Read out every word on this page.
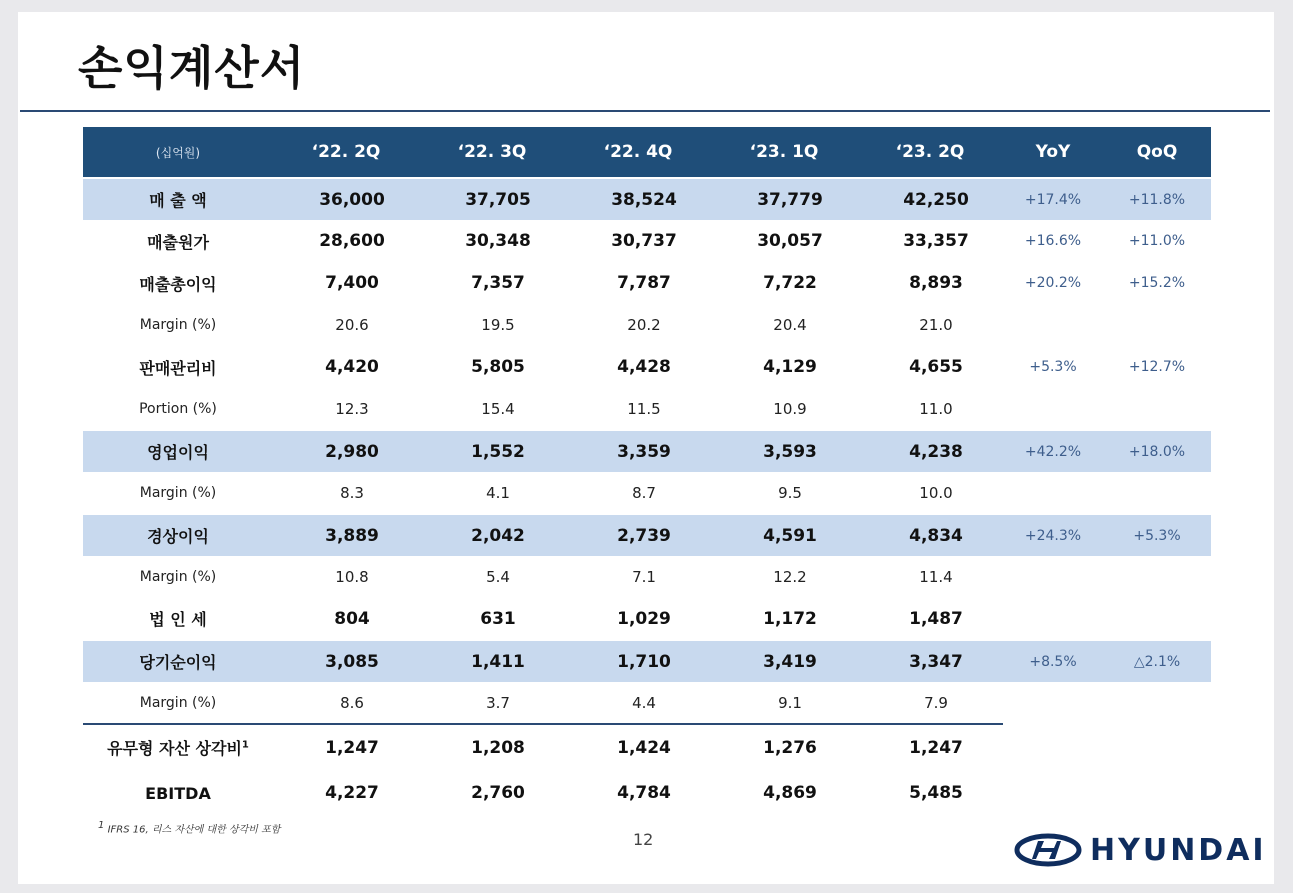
손익계산서
(십억원)	‘22. 2Q	‘22. 3Q	‘22. 4Q	‘23. 1Q	‘23. 2Q	YoY	QoQ
매 출 액	36,000	37,705	38,524	37,779	42,250	+17.4%	+11.8%
매출원가	28,600	30,348	30,737	30,057	33,357	+16.6%	+11.0%
매출총이익	7,400	7,357	7,787	7,722	8,893	+20.2%	+15.2%
Margin (%)	20.6	19.5	20.2	20.4	21.0		
판매관리비	4,420	5,805	4,428	4,129	4,655	+5.3%	+12.7%
Portion (%)	12.3	15.4	11.5	10.9	11.0		
영업이익	2,980	1,552	3,359	3,593	4,238	+42.2%	+18.0%
Margin (%)	8.3	4.1	8.7	9.5	10.0		
경상이익	3,889	2,042	2,739	4,591	4,834	+24.3%	+5.3%
Margin (%)	10.8	5.4	7.1	12.2	11.4		
법 인 세	804	631	1,029	1,172	1,487		
당기순이익	3,085	1,411	1,710	3,419	3,347	+8.5%	△2.1%
Margin (%)	8.6	3.7	4.4	9.1	7.9		
유무형 자산 상각비$^1$	1,247	1,208	1,424	1,276	1,247		
EBITDA	4,227	2,760	4,784	4,869	5,485		
$^1$ IFRS 16, 리스 자산에 대한 상각비 포함
12	HYUNDAI
